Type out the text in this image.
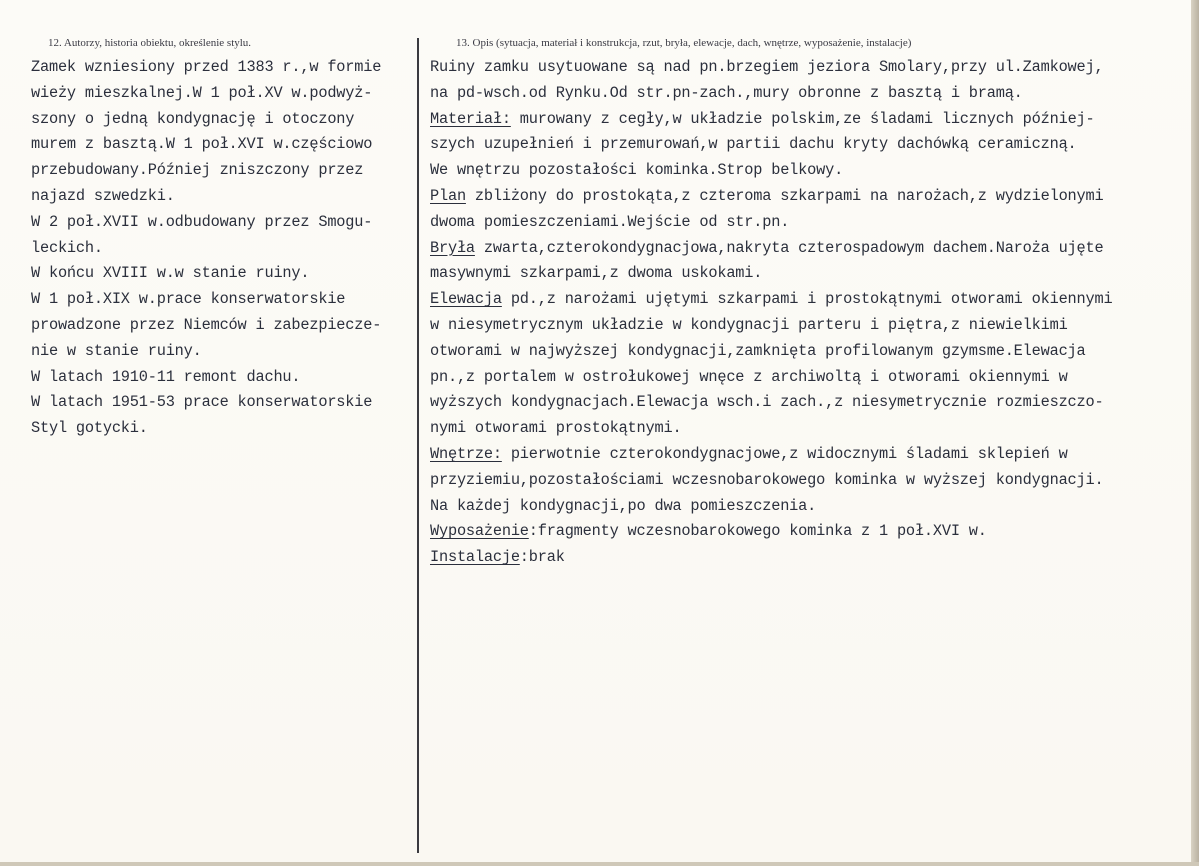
12. Autorzy, historia obiektu, określenie stylu.	13. Opis (sytuacja, materiał i konstrukcja, rzut, bryła, elewacje, dach, wnętrze, wyposażenie, instalacje)
Zamek wzniesiony przed 1383 r.,w formie
wieży mieszkalnej.W 1 poł.XV w.podwyż-
szony o jedną kondygnację i otoczony
murem z basztą.W 1 poł.XVI w.częściowo
przebudowany.Później zniszczony przez
najazd szwedzki.
W 2 poł.XVII w.odbudowany przez Smogu-
leckich.
W końcu XVIII w.w stanie ruiny.
W 1 poł.XIX w.prace konserwatorskie
prowadzone przez Niemców i zabezpiecze-
nie w stanie ruiny.
W latach 1910-11 remont dachu.
W latach 1951-53 prace konserwatorskie
Styl gotycki.
Ruiny zamku usytuowane są nad pn.brzegiem jeziora Smolary,przy ul.Zamkowej,
na pd-wsch.od Rynku.Od str.pn-zach.,mury obronne z basztą i bramą.
Materiał: murowany z cegły,w układzie polskim,ze śladami licznych później-
szych uzupełnień i przemurowań,w partii dachu kryty dachówką ceramiczną.
We wnętrzu pozostałości kominka.Strop belkowy.
Plan zbliżony do prostokąta,z czteroma szkarpami na narożach,z wydzielonymi
dwoma pomieszczeniami.Wejście od str.pn.
Bryła zwarta,czterokondygnacjowa,nakryta czterospadowym dachem.Naroża ujęte
masywnymi szkarpami,z dwoma uskokami.
Elewacja pd.,z narożami ujętymi szkarpami i prostokątnymi otworami okiennymi
w niesymetrycznym układzie w kondygnacji parteru i piętra,z niewielkimi
otworami w najwyższej kondygnacji,zamknięta profilowanym gzymsme.Elewacja
pn.,z portalem w ostrołukowej wnęce z archiwoltą i otworami okiennymi w
wyższych kondygnacjach.Elewacja wsch.i zach.,z niesymetrycznie rozmieszczo-
nymi otworami prostokątnymi.
Wnętrze: pierwotnie czterokondygnacjowe,z widocznymi śladami sklepień w
przyziemiu,pozostałościami wczesnobarokowego kominka w wyższej kondygnacji.
Na każdej kondygnacji,po dwa pomieszczenia.
Wyposażenie:fragmenty wczesnobarokowego kominka z 1 poł.XVI w.
Instalacje:brak
